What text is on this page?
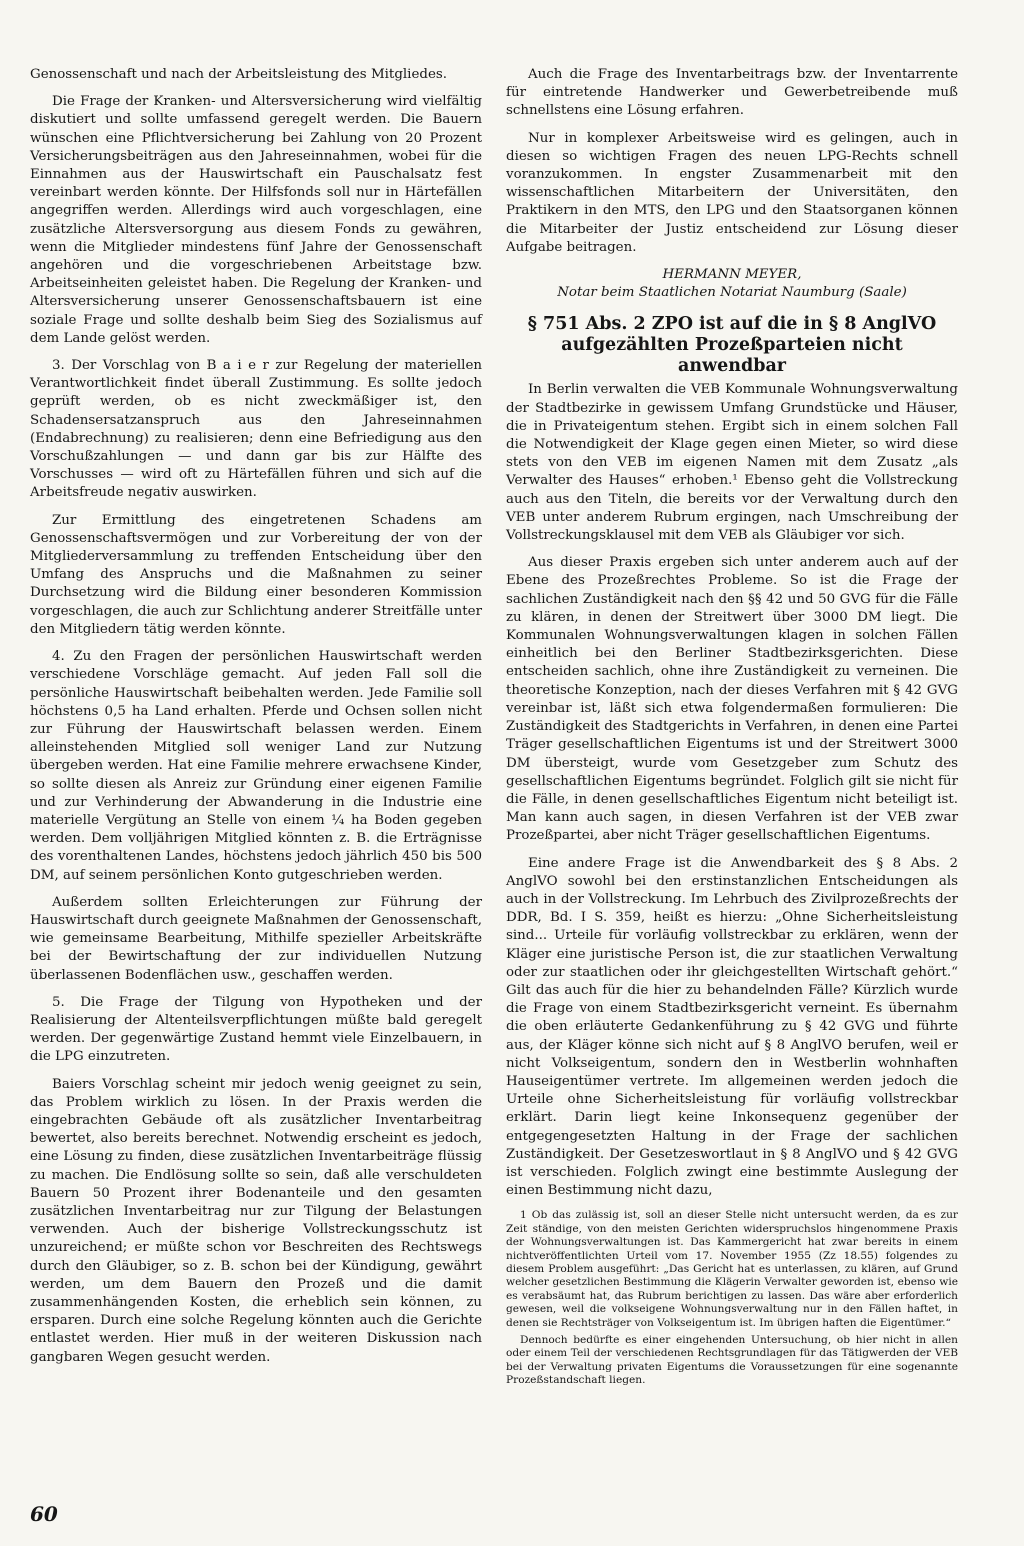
Genossenschaft und nach der Arbeitsleistung des Mitgliedes.

Die Frage der Kranken- und Altersversicherung wird vielfältig diskutiert und sollte umfassend geregelt werden. Die Bauern wünschen eine Pflichtversicherung bei Zahlung von 20 Prozent Versicherungsbeiträgen aus den Jahreseinnahmen, wobei für die Einnahmen aus der Hauswirtschaft ein Pauschalsatz fest vereinbart werden könnte. Der Hilfsfonds soll nur in Härtefällen angegriffen werden. Allerdings wird auch vorgeschlagen, eine zusätzliche Altersversorgung aus diesem Fonds zu gewähren, wenn die Mitglieder mindestens fünf Jahre der Genossenschaft angehören und die vorgeschriebenen Arbeitstage bzw. Arbeitseinheiten geleistet haben. Die Regelung der Kranken- und Altersversicherung unserer Genossenschaftsbauern ist eine soziale Frage und sollte deshalb beim Sieg des Sozialismus auf dem Lande gelöst werden.

3. Der Vorschlag von B a i e r zur Regelung der materiellen Verantwortlichkeit findet überall Zustimmung. Es sollte jedoch geprüft werden, ob es nicht zweckmäßiger ist, den Schadensersatzanspruch aus den Jahreseinnahmen (Endabrechnung) zu realisieren; denn eine Befriedigung aus den Vorschußzahlungen — und dann gar bis zur Hälfte des Vorschusses — wird oft zu Härtefällen führen und sich auf die Arbeitsfreude negativ auswirken.

Zur Ermittlung des eingetretenen Schadens am Genossenschaftsvermögen und zur Vorbereitung der von der Mitgliederversammlung zu treffenden Entscheidung über den Umfang des Anspruchs und die Maßnahmen zu seiner Durchsetzung wird die Bildung einer besonderen Kommission vorgeschlagen, die auch zur Schlichtung anderer Streitfälle unter den Mitgliedern tätig werden könnte.

4. Zu den Fragen der persönlichen Hauswirtschaft werden verschiedene Vorschläge gemacht. Auf jeden Fall soll die persönliche Hauswirtschaft beibehalten werden. Jede Familie soll höchstens 0,5 ha Land erhalten. Pferde und Ochsen sollen nicht zur Führung der Hauswirtschaft belassen werden. Einem alleinstehenden Mitglied soll weniger Land zur Nutzung übergeben werden. Hat eine Familie mehrere erwachsene Kinder, so sollte diesen als Anreiz zur Gründung einer eigenen Familie und zur Verhinderung der Abwanderung in die Industrie eine materielle Vergütung an Stelle von einem ¼ ha Boden gegeben werden. Dem volljährigen Mitglied könnten z. B. die Erträgnisse des vorenthaltenen Landes, höchstens jedoch jährlich 450 bis 500 DM, auf seinem persönlichen Konto gutgeschrieben werden.

Außerdem sollten Erleichterungen zur Führung der Hauswirtschaft durch geeignete Maßnahmen der Genossenschaft, wie gemeinsame Bearbeitung, Mithilfe spezieller Arbeitskräfte bei der Bewirtschaftung der zur individuellen Nutzung überlassenen Bodenflächen usw., geschaffen werden.

5. Die Frage der Tilgung von Hypotheken und der Realisierung der Altenteilsverpflichtungen müßte bald geregelt werden. Der gegenwärtige Zustand hemmt viele Einzelbauern, in die LPG einzutreten.

Baiers Vorschlag scheint mir jedoch wenig geeignet zu sein, das Problem wirklich zu lösen. In der Praxis werden die eingebrachten Gebäude oft als zusätzlicher Inventarbeitrag bewertet, also bereits berechnet. Notwendig erscheint es jedoch, eine Lösung zu finden, diese zusätzlichen Inventarbeiträge flüssig zu machen. Die Endlösung sollte so sein, daß alle verschuldeten Bauern 50 Prozent ihrer Bodenanteile und den gesamten zusätzlichen Inventarbeitrag nur zur Tilgung der Belastungen verwenden. Auch der bisherige Vollstreckungsschutz ist unzureichend; er müßte schon vor Beschreiten des Rechtswegs durch den Gläubiger, so z. B. schon bei der Kündigung, gewährt werden, um dem Bauern den Prozeß und die damit zusammenhängenden Kosten, die erheblich sein können, zu ersparen. Durch eine solche Regelung könnten auch die Gerichte entlastet werden. Hier muß in der weiteren Diskussion nach gangbaren Wegen gesucht werden.

Auch die Frage des Inventarbeitrags bzw. der Inventarrente für eintretende Handwerker und Gewerbetreibende muß schnellstens eine Lösung erfahren.

Nur in komplexer Arbeitsweise wird es gelingen, auch in diesen so wichtigen Fragen des neuen LPG-Rechts schnell voranzukommen. In engster Zusammenarbeit mit den wissenschaftlichen Mitarbeitern der Universitäten, den Praktikern in den MTS, den LPG und den Staatsorganen können die Mitarbeiter der Justiz entscheidend zur Lösung dieser Aufgabe beitragen.

HERMANN MEYER,

Notar beim Staatlichen Notariat Naumburg (Saale)

§ 751 Abs. 2 ZPO ist auf die in § 8 AnglVO aufgezählten Prozeßparteien nicht anwendbar

In Berlin verwalten die VEB Kommunale Wohnungsverwaltung der Stadtbezirke in gewissem Umfang Grundstücke und Häuser, die in Privateigentum stehen. Ergibt sich in einem solchen Fall die Notwendigkeit der Klage gegen einen Mieter, so wird diese stets von den VEB im eigenen Namen mit dem Zusatz „als Verwalter des Hauses“ erhoben.¹ Ebenso geht die Vollstreckung auch aus den Titeln, die bereits vor der Verwaltung durch den VEB unter anderem Rubrum ergingen, nach Umschreibung der Vollstreckungsklausel mit dem VEB als Gläubiger vor sich.

Aus dieser Praxis ergeben sich unter anderem auch auf der Ebene des Prozeßrechtes Probleme. So ist die Frage der sachlichen Zuständigkeit nach den §§ 42 und 50 GVG für die Fälle zu klären, in denen der Streitwert über 3000 DM liegt. Die Kommunalen Wohnungsverwaltungen klagen in solchen Fällen einheitlich bei den Berliner Stadtbezirksgerichten. Diese entscheiden sachlich, ohne ihre Zuständigkeit zu verneinen. Die theoretische Konzeption, nach der dieses Verfahren mit § 42 GVG vereinbar ist, läßt sich etwa folgendermaßen formulieren: Die Zuständigkeit des Stadtgerichts in Verfahren, in denen eine Partei Träger gesellschaftlichen Eigentums ist und der Streitwert 3000 DM übersteigt, wurde vom Gesetzgeber zum Schutz des gesellschaftlichen Eigentums begründet. Folglich gilt sie nicht für die Fälle, in denen gesellschaftliches Eigentum nicht beteiligt ist. Man kann auch sagen, in diesen Verfahren ist der VEB zwar Prozeßpartei, aber nicht Träger gesellschaftlichen Eigentums.

Eine andere Frage ist die Anwendbarkeit des § 8 Abs. 2 AnglVO sowohl bei den erstinstanzlichen Entscheidungen als auch in der Vollstreckung. Im Lehrbuch des Zivilprozeßrechts der DDR, Bd. I S. 359, heißt es hierzu: „Ohne Sicherheitsleistung sind... Urteile für vorläufig vollstreckbar zu erklären, wenn der Kläger eine juristische Person ist, die zur staatlichen Verwaltung oder zur staatlichen oder ihr gleichgestellten Wirtschaft gehört.“ Gilt das auch für die hier zu behandelnden Fälle? Kürzlich wurde die Frage von einem Stadtbezirksgericht verneint. Es übernahm die oben erläuterte Gedankenführung zu § 42 GVG und führte aus, der Kläger könne sich nicht auf § 8 AnglVO berufen, weil er nicht Volkseigentum, sondern den in Westberlin wohnhaften Hauseigentümer vertrete. Im allgemeinen werden jedoch die Urteile ohne Sicherheitsleistung für vorläufig vollstreckbar erklärt. Darin liegt keine Inkonsequenz gegenüber der entgegengesetzten Haltung in der Frage der sachlichen Zuständigkeit. Der Gesetzeswortlaut in § 8 AnglVO und § 42 GVG ist verschieden. Folglich zwingt eine bestimmte Auslegung der einen Bestimmung nicht dazu,

1 Ob das zulässig ist, soll an dieser Stelle nicht untersucht werden, da es zur Zeit ständige, von den meisten Gerichten widerspruchslos hingenommene Praxis der Wohnungsverwaltungen ist. Das Kammergericht hat zwar bereits in einem nichtveröffentlichten Urteil vom 17. November 1955 (Zz 18.55) folgendes zu diesem Problem ausgeführt: „Das Gericht hat es unterlassen, zu klären, auf Grund welcher gesetzlichen Bestimmung die Klägerin Verwalter geworden ist, ebenso wie es verabsäumt hat, das Rubrum berichtigen zu lassen. Das wäre aber erforderlich gewesen, weil die volkseigene Wohnungsverwaltung nur in den Fällen haftet, in denen sie Rechtsträger von Volkseigentum ist. Im übrigen haften die Eigentümer.“

Dennoch bedürfte es einer eingehenden Untersuchung, ob hier nicht in allen oder einem Teil der verschiedenen Rechtsgrundlagen für das Tätigwerden der VEB bei der Verwaltung privaten Eigentums die Voraussetzungen für eine sogenannte Prozeßstandschaft liegen.

60
